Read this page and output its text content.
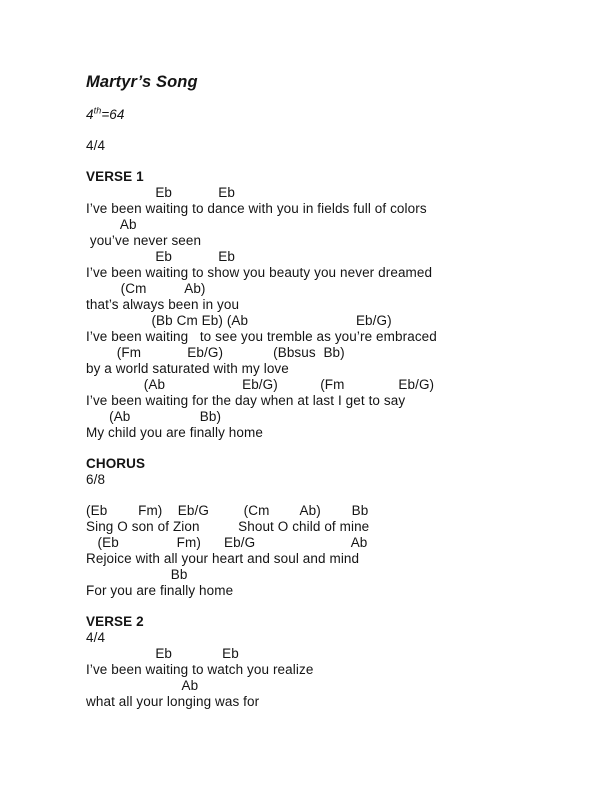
Martyr’s Song
4th=64
4/4
VERSE 1
Eb            Eb
I’ve been waiting to dance with you in fields full of colors
Ab
you’ve never seen
Eb            Eb
I’ve been waiting to show you beauty you never dreamed
(Cm          Ab)
that’s always been in you
(Bb Cm Eb) (Ab                            Eb/G)
I’ve been waiting   to see you tremble as you’re embraced
(Fm            Eb/G)             (Bbsus  Bb)
by a world saturated with my love
(Ab                    Eb/G)           (Fm              Eb/G)
I’ve been waiting for the day when at last I get to say
(Ab                  Bb)
My child you are finally home
CHORUS
6/8
(Eb        Fm)    Eb/G         (Cm        Ab)        Bb
Sing O son of Zion          Shout O child of mine
(Eb               Fm)      Eb/G                         Ab
Rejoice with all your heart and soul and mind
Bb
For you are finally home
VERSE 2
4/4
Eb             Eb
I’ve been waiting to watch you realize
Ab
what all your longing was for
